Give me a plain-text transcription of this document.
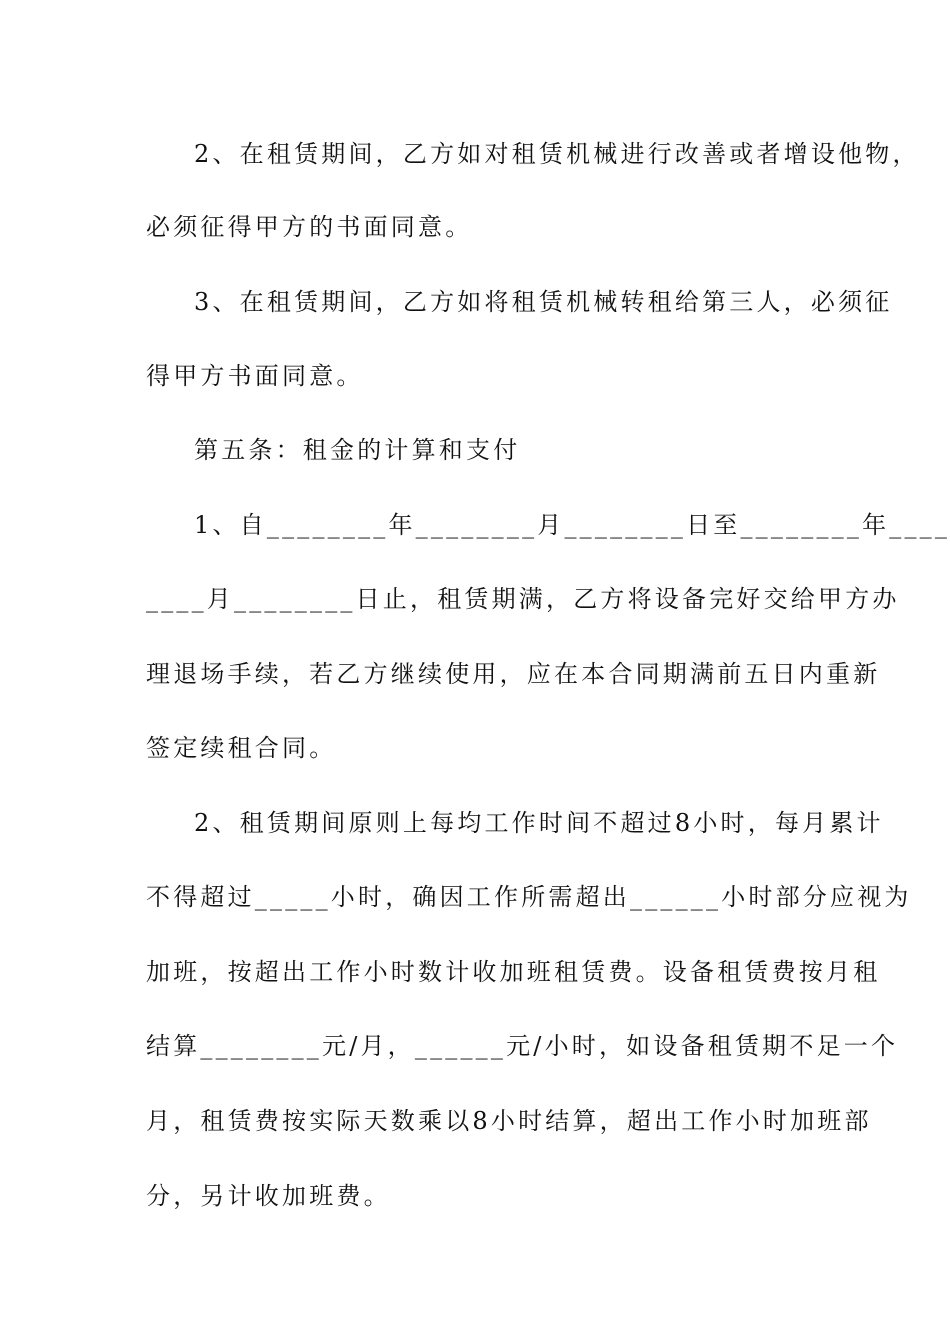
2、在租赁期间，乙方如对租赁机械进行改善或者增设他物，
必须征得甲方的书面同意。
3、在租赁期间，乙方如将租赁机械转租给第三人，必须征
得甲方书面同意。
第五条：租金的计算和支付
1、自________年________月________日至________年____
____月________日止，租赁期满，乙方将设备完好交给甲方办
理退场手续，若乙方继续使用，应在本合同期满前五日内重新
签定续租合同。
2、租赁期间原则上每均工作时间不超过8小时，每月累计
不得超过_____小时，确因工作所需超出______小时部分应视为
加班，按超出工作小时数计收加班租赁费。设备租赁费按月租
结算________元/月，______元/小时，如设备租赁期不足一个
月，租赁费按实际天数乘以8小时结算，超出工作小时加班部
分，另计收加班费。
